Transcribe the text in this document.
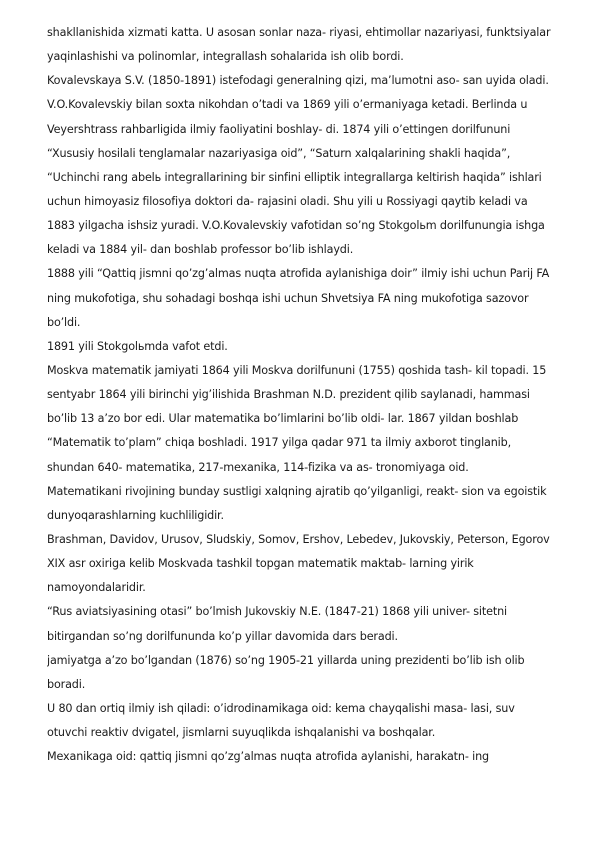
shakllanishida xizmati katta. U asosan sonlar naza- riyasi, ehtimollar nazariyasi, funktsiyalar
yaqinlashishi va polinomlar, integrallash sohalarida ish olib bordi.
Kovalevskaya S.V. (1850-1891) istefodagi generalning qizi, ma’lumotni aso- san uyida oladi.
V.O.Kovalevskiy bilan soxta nikohdan o’tadi va 1869 yili o’ermaniyaga ketadi. Berlinda u
Veyershtrass rahbarligida ilmiy faoliyatini boshlay- di. 1874 yili o’ettingen dorilfununi
“Xususiy hosilali tenglamalar nazariyasiga oid”, “Saturn xalqalarining shakli haqida”,
“Uchinchi rang abelь integrallarining bir sinfini elliptik integrallarga keltirish haqida” ishlari
uchun himoyasiz filosofiya doktori da- rajasini oladi. Shu yili u Rossiyagi qaytib keladi va
1883 yilgacha ishsiz yuradi. V.O.Kovalevskiy vafotidan so’ng Stokgolьm dorilfunungia ishga
keladi va 1884 yil- dan boshlab professor bo’lib ishlaydi.
1888 yili “Qattiq jismni qo’zg’almas nuqta atrofida aylanishiga doir” ilmiy ishi uchun Parij FA
ning mukofotiga, shu sohadagi boshqa ishi uchun Shvetsiya FA ning mukofotiga sazovor
bo’ldi.
1891 yili Stokgolьmda vafot etdi.
Moskva matematik jamiyati 1864 yili Moskva dorilfununi (1755) qoshida tash- kil topadi. 15
sentyabr 1864 yili birinchi yig’ilishida Brashman N.D. prezident qilib saylanadi, hammasi
bo’lib 13 a’zo bor edi. Ular matematika bo’limlarini bo’lib oldi- lar. 1867 yildan boshlab
“Matematik to’plam” chiqa boshladi. 1917 yilga qadar 971 ta ilmiy axborot tinglanib,
shundan 640- matematika, 217-mexanika, 114-fizika va as- tronomiyaga oid.
Matematikani rivojining bunday sustligi xalqning ajratib qo’yilganligi, reakt- sion va egoistik
dunyoqarashlarning kuchliligidir.
Brashman, Davidov, Urusov, Sludskiy, Somov, Ershov, Lebedev, Jukovskiy, Peterson, Egorov
XIX asr oxiriga kelib Moskvada tashkil topgan matematik maktab- larning yirik
namoyondalaridir.
“Rus aviatsiyasining otasi” bo’lmish Jukovskiy N.E. (1847-21) 1868 yili univer- sitetni
bitirgandan so’ng dorilfununda ko’p yillar davomida dars beradi.
jamiyatga a’zo bo’lgandan (1876) so’ng 1905-21 yillarda uning prezidenti bo’lib ish olib
boradi.
U 80 dan ortiq ilmiy ish qiladi: o’idrodinamikaga oid: kema chayqalishi masa- lasi, suv
otuvchi reaktiv dvigatel, jismlarni suyuqlikda ishqalanishi va boshqalar.
Mexanikaga oid: qattiq jismni qo’zg’almas nuqta atrofida aylanishi, harakatn- ing
